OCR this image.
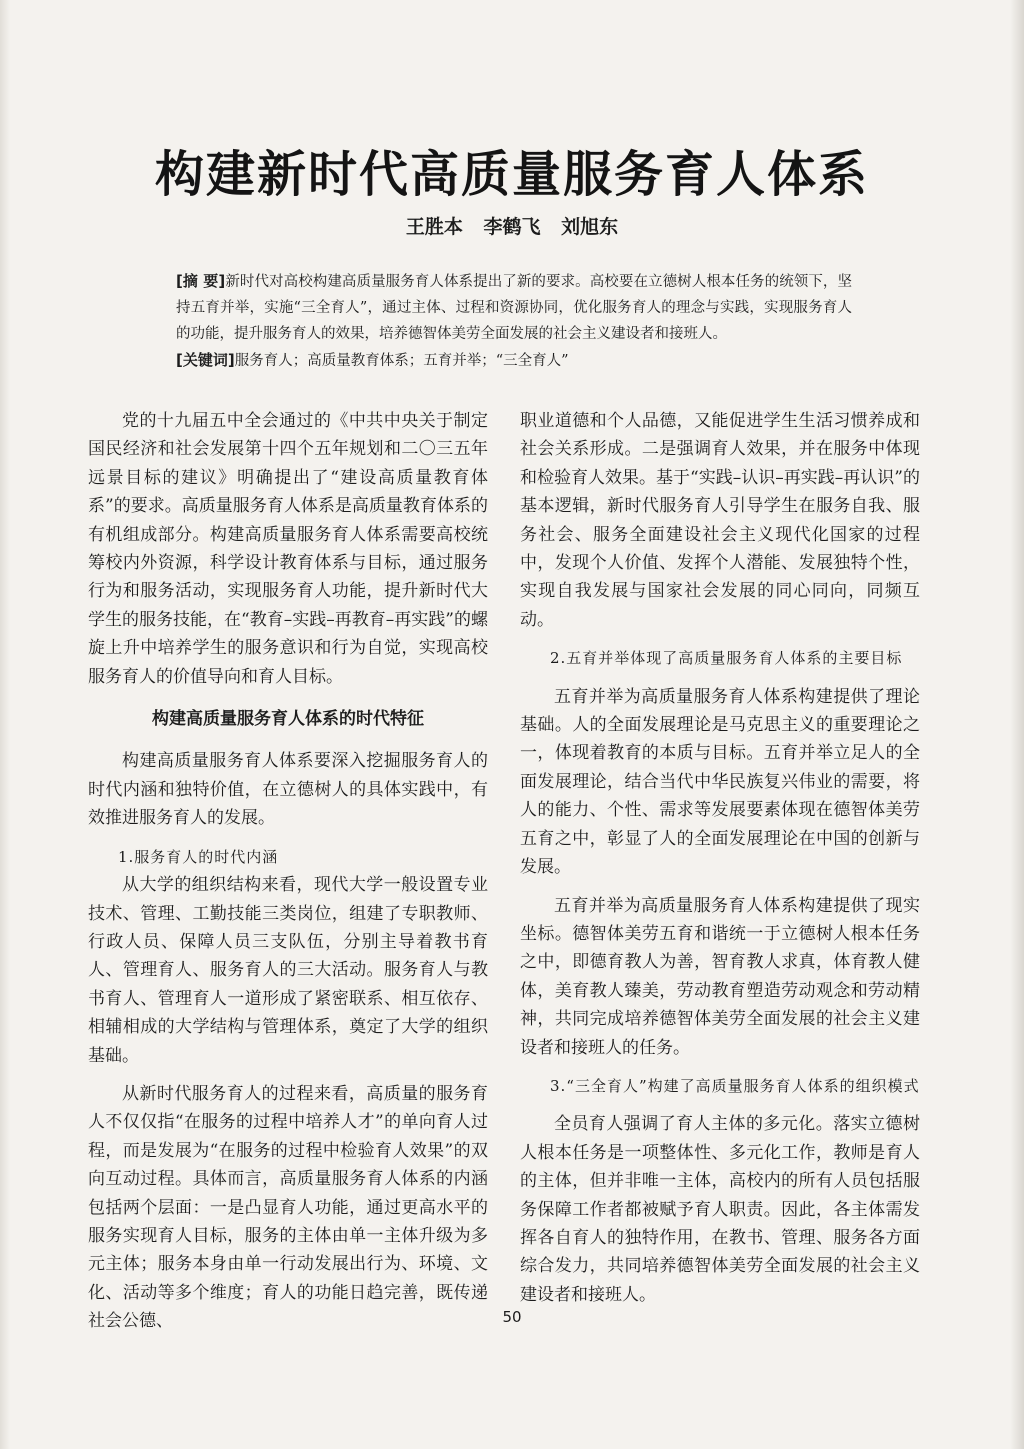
构建新时代高质量服务育人体系
王胜本 李鹤飞 刘旭东

[摘 要]新时代对高校构建高质量服务育人体系提出了新的要求。高校要在立德树人根本任务的统领下，坚持五育并举，实施“三全育人”，通过主体、过程和资源协同，优化服务育人的理念与实践，实现服务育人的功能，提升服务育人的效果，培养德智体美劳全面发展的社会主义建设者和接班人。

[关键词]服务育人；高质量教育体系；五育并举；“三全育人”

党的十九届五中全会通过的《中共中央关于制定国民经济和社会发展第十四个五年规划和二〇三五年远景目标的建议》明确提出了“建设高质量教育体系”的要求。高质量服务育人体系是高质量教育体系的有机组成部分。构建高质量服务育人体系需要高校统筹校内外资源，科学设计教育体系与目标，通过服务行为和服务活动，实现服务育人功能，提升新时代大学生的服务技能，在“教育–实践–再教育–再实践”的螺旋上升中培养学生的服务意识和行为自觉，实现高校服务育人的价值导向和育人目标。

构建高质量服务育人体系的时代特征

构建高质量服务育人体系要深入挖掘服务育人的时代内涵和独特价值，在立德树人的具体实践中，有效推进服务育人的发展。

1.服务育人的时代内涵

从大学的组织结构来看，现代大学一般设置专业技术、管理、工勤技能三类岗位，组建了专职教师、行政人员、保障人员三支队伍，分别主导着教书育人、管理育人、服务育人的三大活动。服务育人与教书育人、管理育人一道形成了紧密联系、相互依存、相辅相成的大学结构与管理体系，奠定了大学的组织基础。

从新时代服务育人的过程来看，高质量的服务育人不仅仅指“在服务的过程中培养人才”的单向育人过程，而是发展为“在服务的过程中检验育人效果”的双向互动过程。具体而言，高质量服务育人体系的内涵包括两个层面：一是凸显育人功能，通过更高水平的服务实现育人目标，服务的主体由单一主体升级为多元主体；服务本身由单一行动发展出行为、环境、文化、活动等多个维度；育人的功能日趋完善，既传递社会公德、

职业道德和个人品德，又能促进学生生活习惯养成和社会关系形成。二是强调育人效果，并在服务中体现和检验育人效果。基于“实践–认识–再实践–再认识”的基本逻辑，新时代服务育人引导学生在服务自我、服务社会、服务全面建设社会主义现代化国家的过程中，发现个人价值、发挥个人潜能、发展独特个性，实现自我发展与国家社会发展的同心同向，同频互动。

2.五育并举体现了高质量服务育人体系的主要目标

五育并举为高质量服务育人体系构建提供了理论基础。人的全面发展理论是马克思主义的重要理论之一，体现着教育的本质与目标。五育并举立足人的全面发展理论，结合当代中华民族复兴伟业的需要，将人的能力、个性、需求等发展要素体现在德智体美劳五育之中，彰显了人的全面发展理论在中国的创新与发展。

五育并举为高质量服务育人体系构建提供了现实坐标。德智体美劳五育和谐统一于立德树人根本任务之中，即德育教人为善，智育教人求真，体育教人健体，美育教人臻美，劳动教育塑造劳动观念和劳动精神，共同完成培养德智体美劳全面发展的社会主义建设者和接班人的任务。

3.“三全育人”构建了高质量服务育人体系的组织模式

全员育人强调了育人主体的多元化。落实立德树人根本任务是一项整体性、多元化工作，教师是育人的主体，但并非唯一主体，高校内的所有人员包括服务保障工作者都被赋予育人职责。因此，各主体需发挥各自育人的独特作用，在教书、管理、服务各方面综合发力，共同培养德智体美劳全面发展的社会主义建设者和接班人。

50
